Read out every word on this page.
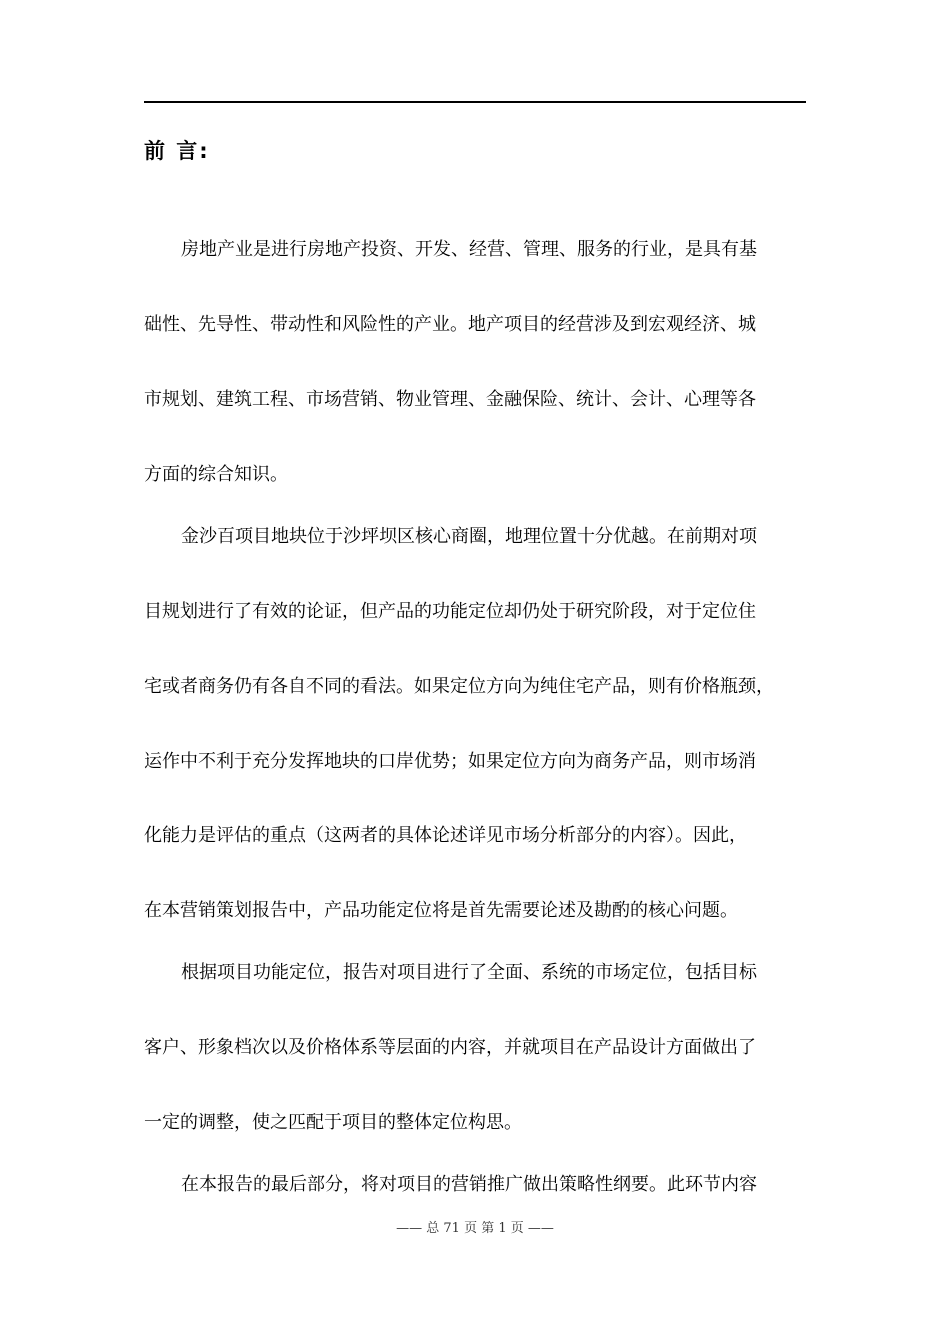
前 言:
房地产业是进行房地产投资、开发、经营、管理、服务的行业，是具有基
础性、先导性、带动性和风险性的产业。地产项目的经营涉及到宏观经济、城
市规划、建筑工程、市场营销、物业管理、金融保险、统计、会计、心理等各
方面的综合知识。
金沙百项目地块位于沙坪坝区核心商圈，地理位置十分优越。在前期对项
目规划进行了有效的论证，但产品的功能定位却仍处于研究阶段，对于定位住
宅或者商务仍有各自不同的看法。如果定位方向为纯住宅产品，则有价格瓶颈，
运作中不利于充分发挥地块的口岸优势；如果定位方向为商务产品，则市场消
化能力是评估的重点（这两者的具体论述详见市场分析部分的内容）。因此，
在本营销策划报告中，产品功能定位将是首先需要论述及勘酌的核心问题。
根据项目功能定位，报告对项目进行了全面、系统的市场定位，包括目标
客户、形象档次以及价格体系等层面的内容，并就项目在产品设计方面做出了
一定的调整，使之匹配于项目的整体定位构思。
在本报告的最后部分，将对项目的营销推广做出策略性纲要。此环节内容
—— 总 71 页 第 1 页 ——
